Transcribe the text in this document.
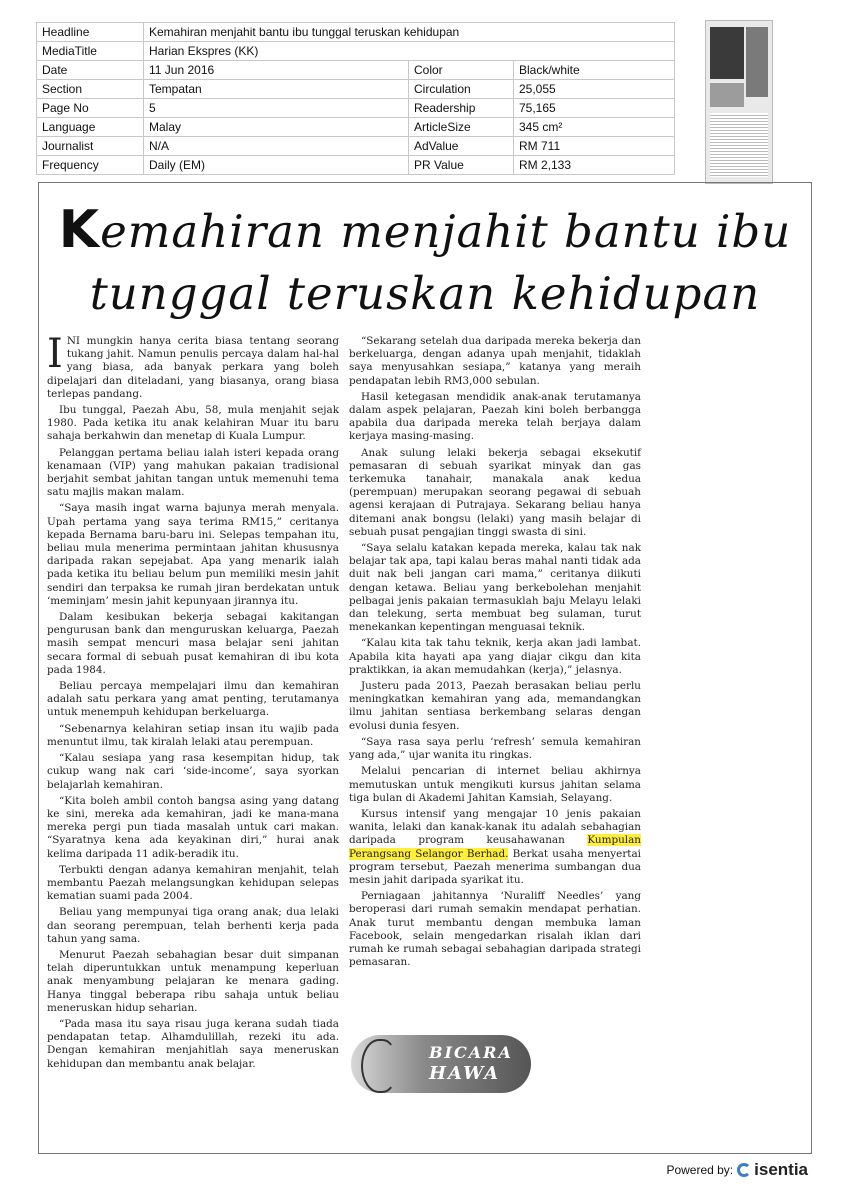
Headline	Kemahiran menjahit bantu ibu tunggal teruskan kehidupan		
MediaTitle	Harian Ekspres (KK)		
Date	11 Jun 2016	Color	Black/white
Section	Tempatan	Circulation	25,055
Page No	5	Readership	75,165
Language	Malay	ArticleSize	345 cm²
Journalist	N/A	AdValue	RM 711
Frequency	Daily (EM)	PR Value	RM 2,133
Kemahiran menjahit bantu ibu tunggal teruskan kehidupan

INI mungkin hanya cerita biasa tentang seorang tukang jahit. Namun penulis percaya dalam hal-hal yang biasa, ada banyak perkara yang boleh dipelajari dan diteladani, yang biasanya, orang biasa terlepas pandang.

Ibu tunggal, Paezah Abu, 58, mula menjahit sejak 1980. Pada ketika itu anak kelahiran Muar itu baru sahaja berkahwin dan menetap di Kuala Lumpur.

Pelanggan pertama beliau ialah isteri kepada orang kenamaan (VIP) yang mahukan pakaian tradisional berjahit sembat jahitan tangan untuk memenuhi tema satu majlis makan malam.

“Saya masih ingat warna bajunya merah menyala. Upah pertama yang saya terima RM15,” ceritanya kepada Bernama baru-baru ini. Selepas tempahan itu, beliau mula menerima permintaan jahitan khususnya daripada rakan sepejabat. Apa yang menarik ialah pada ketika itu beliau belum pun memiliki mesin jahit sendiri dan terpaksa ke rumah jiran berdekatan untuk ‘meminjam’ mesin jahit kepunyaan jirannya itu.

Dalam kesibukan bekerja sebagai kakitangan pengurusan bank dan menguruskan keluarga, Paezah masih sempat mencuri masa belajar seni jahitan secara formal di sebuah pusat kemahiran di ibu kota pada 1984.

Beliau percaya mempelajari ilmu dan kemahiran adalah satu perkara yang amat penting, terutamanya untuk menempuh kehidupan berkeluarga.

“Sebenarnya kelahiran setiap insan itu wajib pada menuntut ilmu, tak kiralah lelaki atau perempuan.

“Kalau sesiapa yang rasa kesempitan hidup, tak cukup wang nak cari ‘side-income’, saya syorkan belajarlah kemahiran.

“Kita boleh ambil contoh bangsa asing yang datang ke sini, mereka ada kemahiran, jadi ke mana-mana mereka pergi pun tiada masalah untuk cari makan. “Syaratnya kena ada keyakinan diri,” hurai anak kelima daripada 11 adik-beradik itu.

Terbukti dengan adanya kemahiran menjahit, telah membantu Paezah melangsungkan kehidupan selepas kematian suami pada 2004.

Beliau yang mempunyai tiga orang anak; dua lelaki dan seorang perempuan, telah berhenti kerja pada tahun yang sama.

Menurut Paezah sebahagian besar duit simpanan telah diperuntukkan untuk menampung keperluan anak menyambung pelajaran ke menara gading. Hanya tinggal beberapa ribu sahaja untuk beliau meneruskan hidup seharian.

“Pada masa itu saya risau juga kerana sudah tiada pendapatan tetap. Alhamdulillah, rezeki itu ada. Dengan kemahiran menjahitlah saya meneruskan kehidupan dan membantu anak belajar.

“Sekarang setelah dua daripada mereka bekerja dan berkeluarga, dengan adanya upah menjahit, tidaklah saya menyusahkan sesiapa,” katanya yang meraih pendapatan lebih RM3,000 sebulan.

Hasil ketegasan mendidik anak-anak terutamanya dalam aspek pelajaran, Paezah kini boleh berbangga apabila dua daripada mereka telah berjaya dalam kerjaya masing-masing.

Anak sulung lelaki bekerja sebagai eksekutif pemasaran di sebuah syarikat minyak dan gas terkemuka tanahair, manakala anak kedua (perempuan) merupakan seorang pegawai di sebuah agensi kerajaan di Putrajaya. Sekarang beliau hanya ditemani anak bongsu (lelaki) yang masih belajar di sebuah pusat pengajian tinggi swasta di sini.

“Saya selalu katakan kepada mereka, kalau tak nak belajar tak apa, tapi kalau beras mahal nanti tidak ada duit nak beli jangan cari mama,” ceritanya diikuti dengan ketawa. Beliau yang berkebolehan menjahit pelbagai jenis pakaian termasuklah baju Melayu lelaki dan telekung, serta membuat beg sulaman, turut menekankan kepentingan menguasai teknik.

“Kalau kita tak tahu teknik, kerja akan jadi lambat. Apabila kita hayati apa yang diajar cikgu dan kita praktikkan, ia akan memudahkan (kerja),” jelasnya.

Justeru pada 2013, Paezah berasakan beliau perlu meningkatkan kemahiran yang ada, memandangkan ilmu jahitan sentiasa berkembang selaras dengan evolusi dunia fesyen.

“Saya rasa saya perlu ‘refresh’ semula kemahiran yang ada,” ujar wanita itu ringkas.

Melalui pencarian di internet beliau akhirnya memutuskan untuk mengikuti kursus jahitan selama tiga bulan di Akademi Jahitan Kamsiah, Selayang.

Kursus intensif yang mengajar 10 jenis pakaian wanita, lelaki dan kanak-kanak itu adalah sebahagian daripada program keusahawanan Kumpulan Perangsang Selangor Berhad. Berkat usaha menyertai program tersebut, Paezah menerima sumbangan dua mesin jahit daripada syarikat itu.

Perniagaan jahitannya ‘Nuraliff Needles’ yang beroperasi dari rumah semakin mendapat perhatian. Anak turut membantu dengan membuka laman Facebook, selain mengedarkan risalah iklan dari rumah ke rumah sebagai sebahagian daripada strategi pemasaran.

BICARA
HAWA
Powered by: isentia
